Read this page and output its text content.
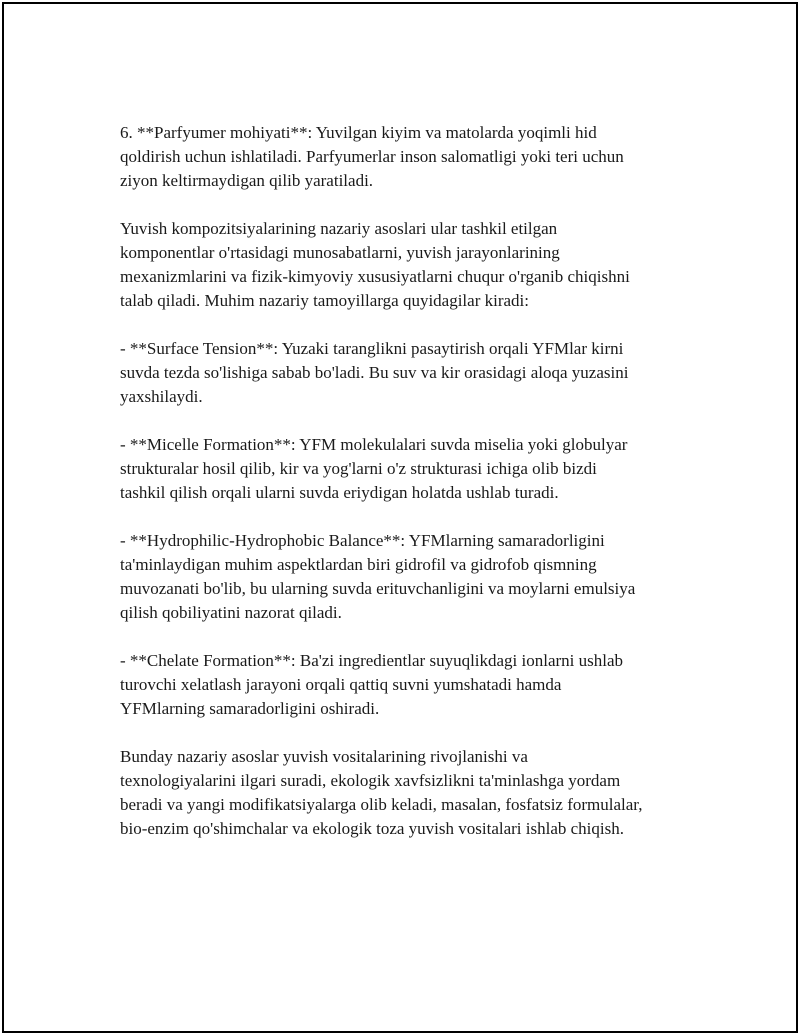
6. **Parfyumer mohiyati**: Yuvilgan kiyim va matolarda yoqimli hid
qoldirish uchun ishlatiladi. Parfyumerlar inson salomatligi yoki teri uchun
ziyon keltirmaydigan qilib yaratiladi.

Yuvish kompozitsiyalarining nazariy asoslari ular tashkil etilgan
komponentlar o'rtasidagi munosabatlarni, yuvish jarayonlarining
mexanizmlarini va fizik-kimyoviy xususiyatlarni chuqur o'rganib chiqishni
talab qiladi. Muhim nazariy tamoyillarga quyidagilar kiradi:

- **Surface Tension**: Yuzaki taranglikni pasaytirish orqali YFMlar kirni
suvda tezda so'lishiga sabab bo'ladi. Bu suv va kir orasidagi aloqa yuzasini
yaxshilaydi.

- **Micelle Formation**: YFM molekulalari suvda miselia yoki globulyar
strukturalar hosil qilib, kir va yog'larni o'z strukturasi ichiga olib bizdi
tashkil qilish orqali ularni suvda eriydigan holatda ushlab turadi.

- **Hydrophilic-Hydrophobic Balance**: YFMlarning samaradorligini
ta'minlaydigan muhim aspektlardan biri gidrofil va gidrofob qismning
muvozanati bo'lib, bu ularning suvda erituvchanligini va moylarni emulsiya
qilish qobiliyatini nazorat qiladi.

- **Chelate Formation**: Ba'zi ingredientlar suyuqlikdagi ionlarni ushlab
turovchi xelatlash jarayoni orqali qattiq suvni yumshatadi hamda
YFMlarning samaradorligini oshiradi.

Bunday nazariy asoslar yuvish vositalarining rivojlanishi va
texnologiyalarini ilgari suradi, ekologik xavfsizlikni ta'minlashga yordam
beradi va yangi modifikatsiyalarga olib keladi, masalan, fosfatsiz formulalar,
bio-enzim qo'shimchalar va ekologik toza yuvish vositalari ishlab chiqish.
